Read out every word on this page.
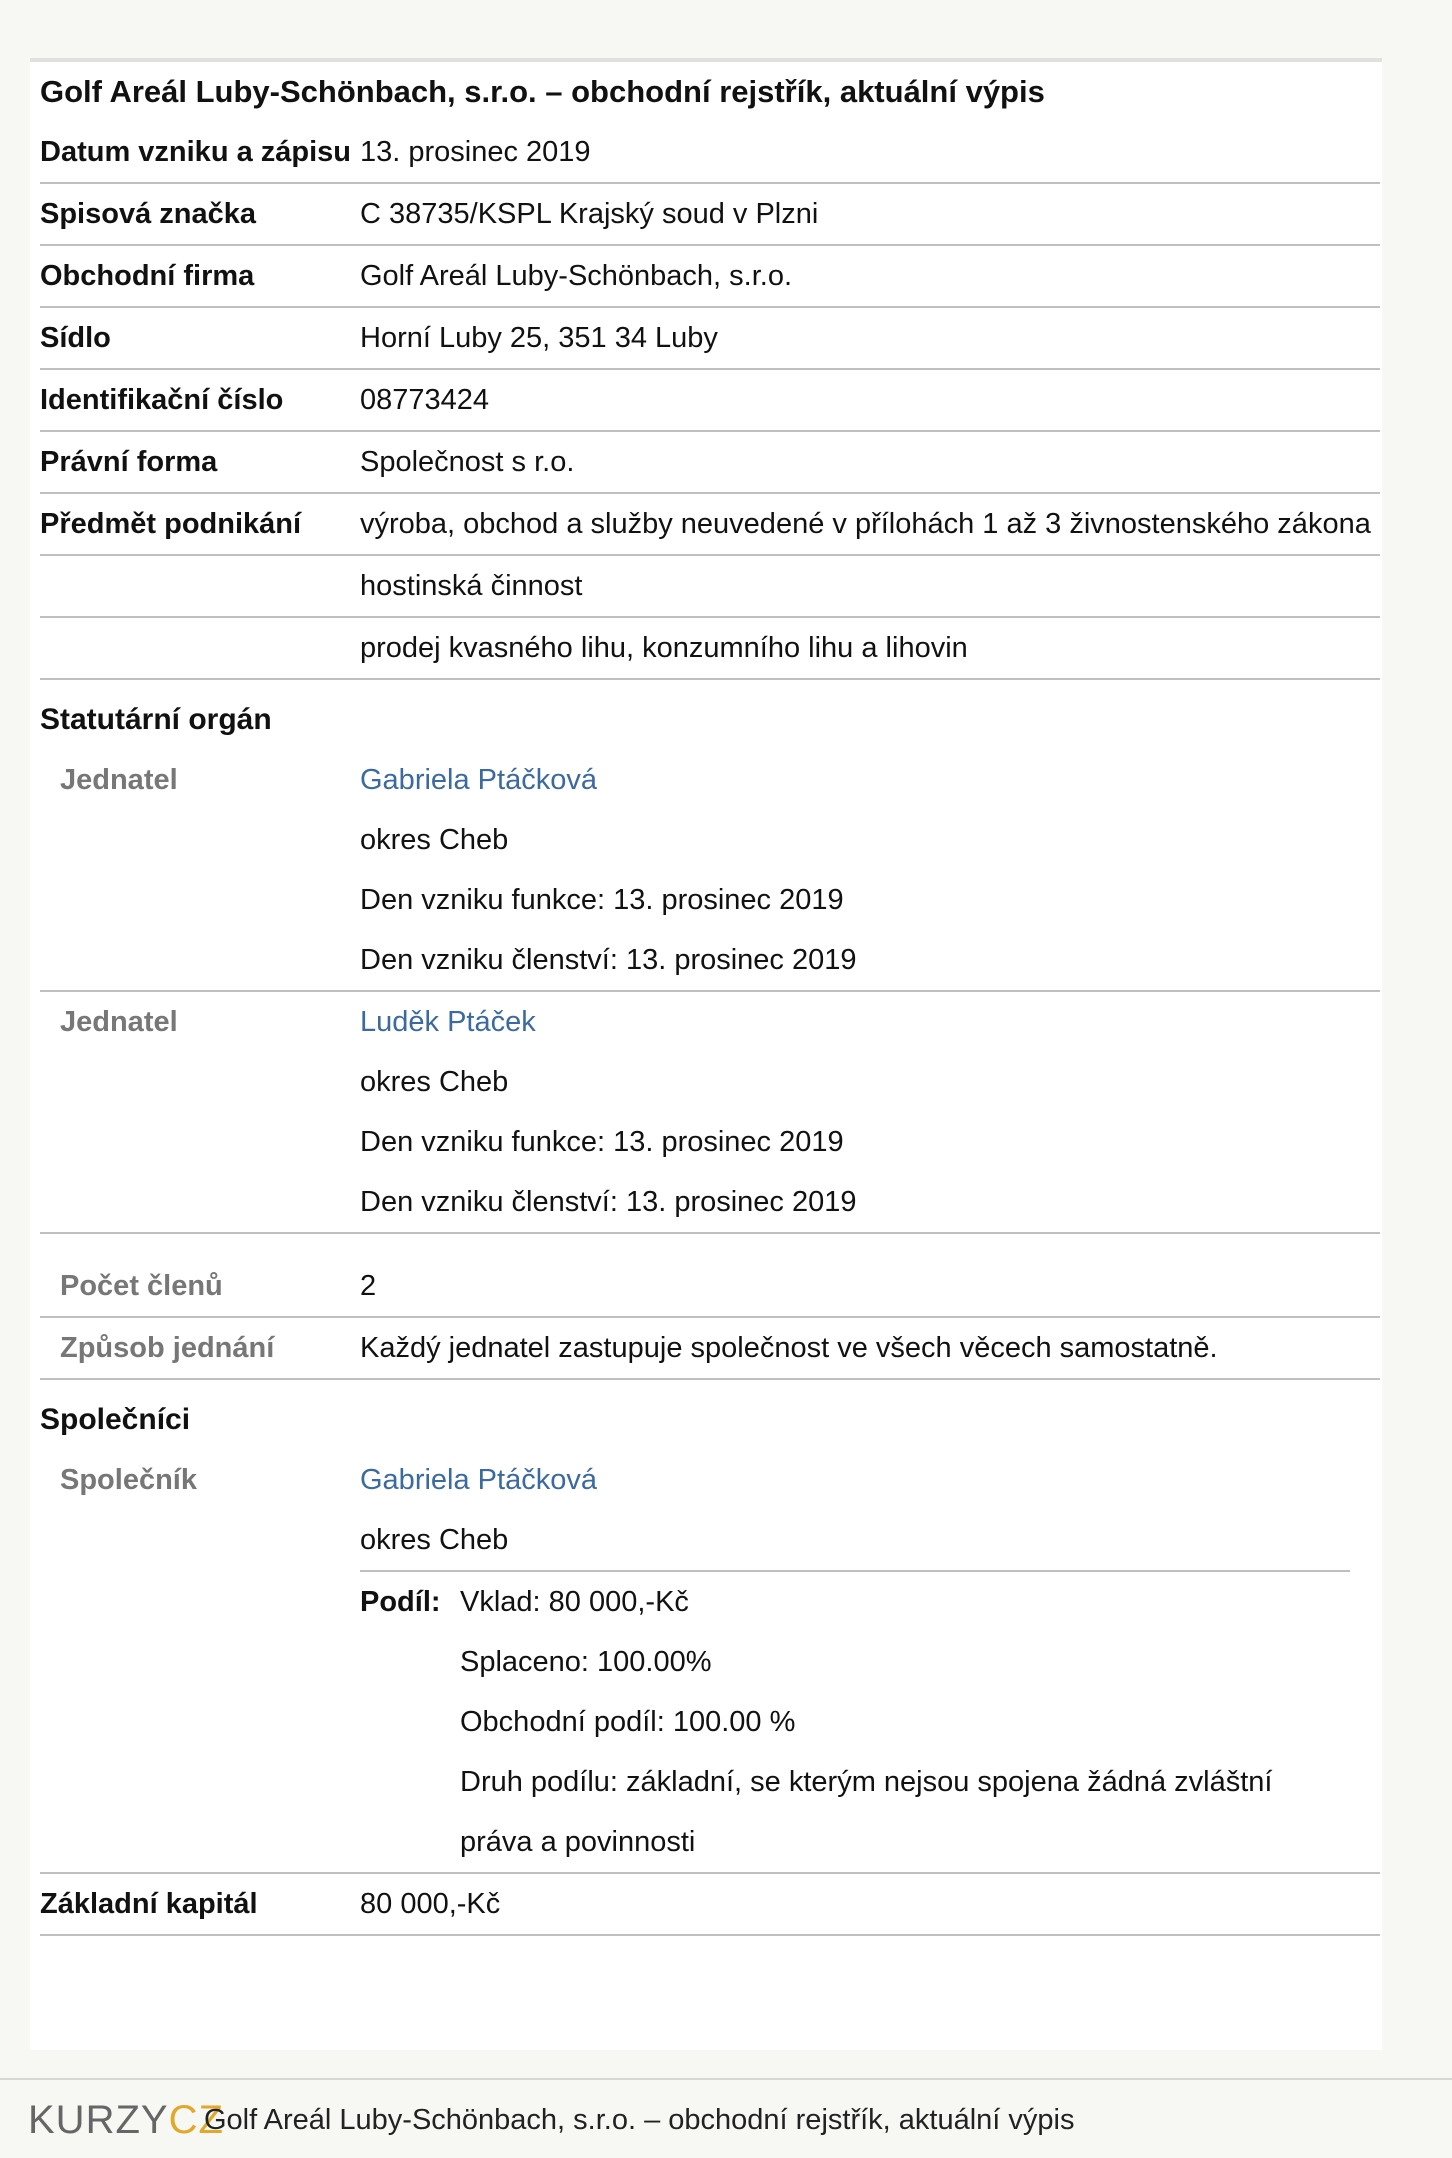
Golf Areál Luby-Schönbach, s.r.o. – obchodní rejstřík, aktuální výpis
Datum vzniku a zápisu 13. prosinec 2019
Spisová značka	C 38735/KSPL Krajský soud v Plzni
Obchodní firma	Golf Areál Luby-Schönbach, s.r.o.
Sídlo	Horní Luby 25, 351 34 Luby
Identifikační číslo	08773424
Právní forma	Společnost s r.o.
Předmět podnikání	výroba, obchod a služby neuvedené v přílohách 1 až 3 živnostenského zákona
hostinská činnost
prodej kvasného lihu, konzumního lihu a lihovin
Statutární orgán
Jednatel	Gabriela Ptáčková
okres Cheb
Den vzniku funkce: 13. prosinec 2019
Den vzniku členství: 13. prosinec 2019
Jednatel	Luděk Ptáček
okres Cheb
Den vzniku funkce: 13. prosinec 2019
Den vzniku členství: 13. prosinec 2019
Počet členů	2
Způsob jednání	Každý jednatel zastupuje společnost ve všech věcech samostatně.
Společníci
Společník	Gabriela Ptáčková
okres Cheb
Podíl: Vklad: 80 000,-Kč
Splaceno: 100.00%
Obchodní podíl: 100.00 %
Druh podílu: základní, se kterým nejsou spojena žádná zvláštní práva a povinnosti
Základní kapitál	80 000,-Kč
KURZYCZ
Golf Areál Luby-Schönbach, s.r.o. – obchodní rejstřík, aktuální výpis
